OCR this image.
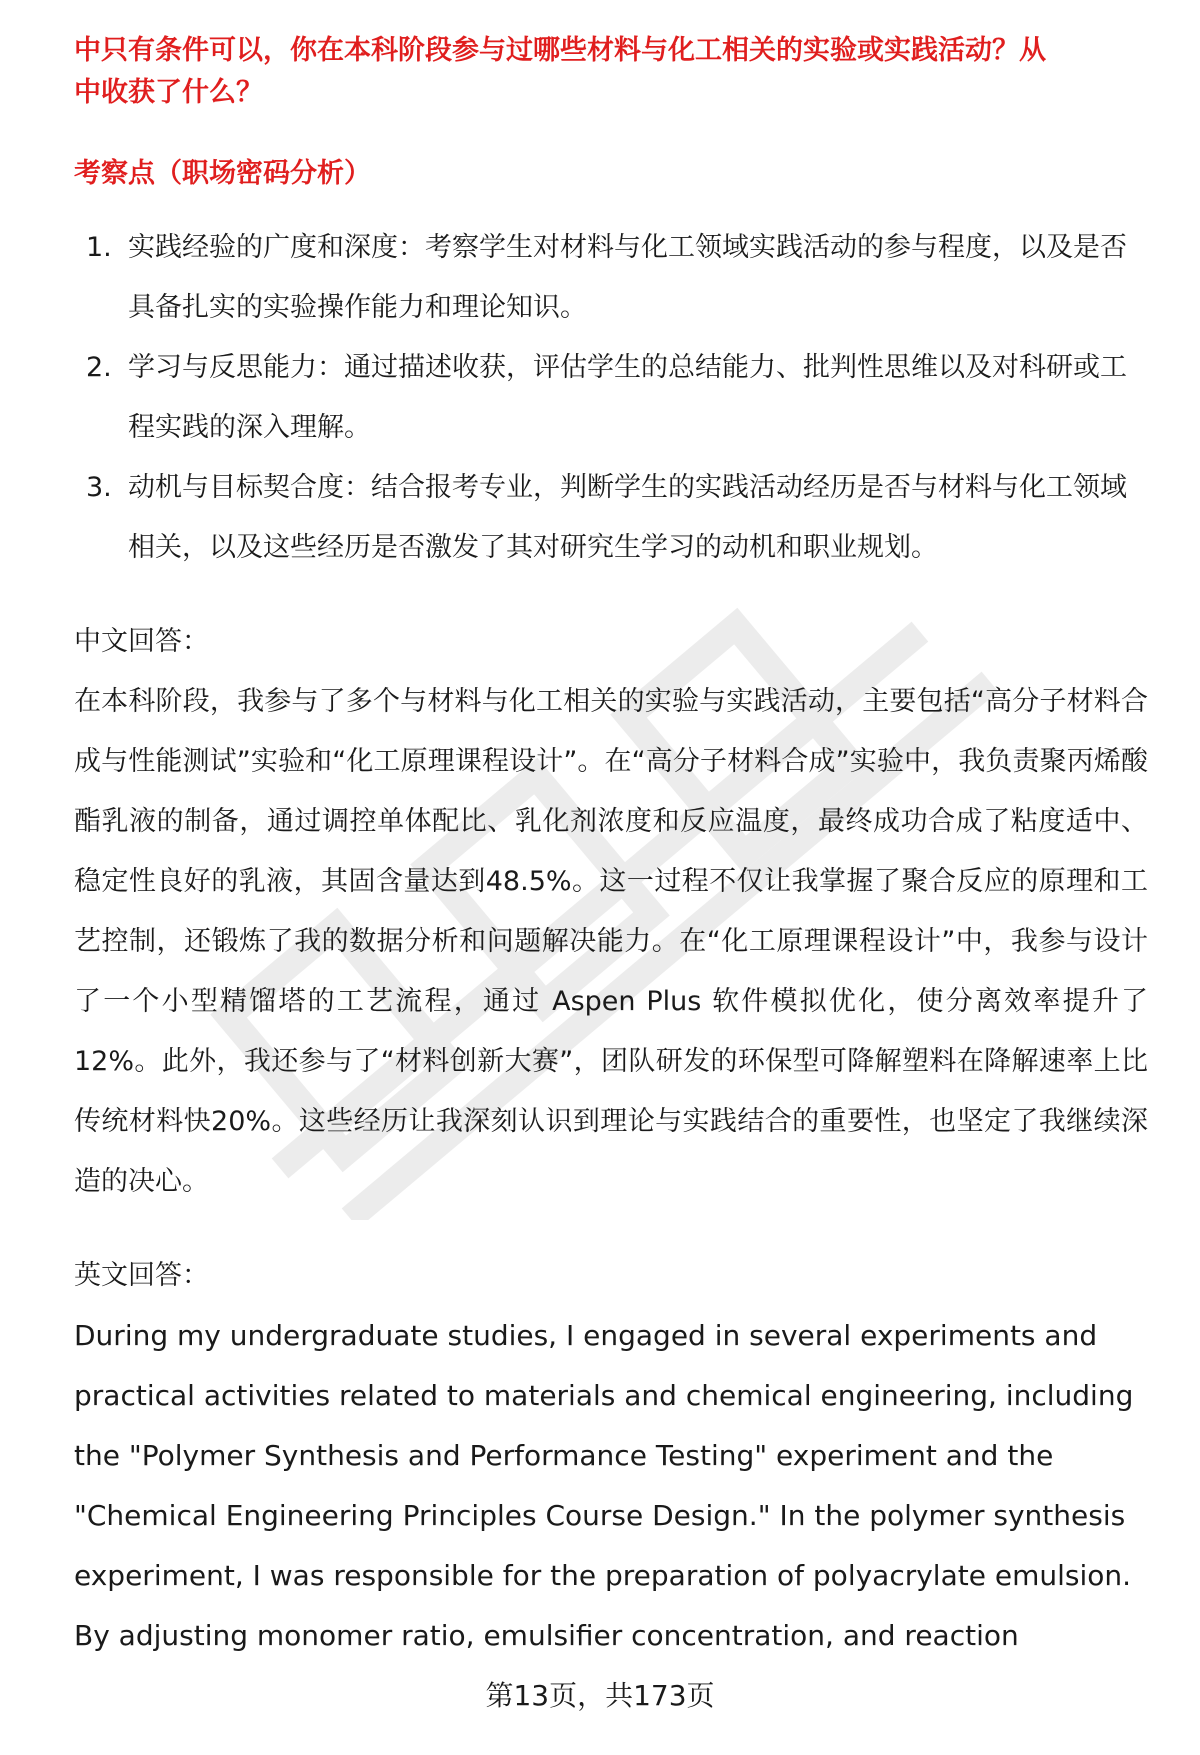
中只有条件可以，你在本科阶段参与过哪些材料与化工相关的实验或实践活动？从
中收获了什么？
考察点（职场密码分析）
1. 实践经验的广度和深度：考察学生对材料与化工领域实践活动的参与程度，以及是否具备扎实的实验操作能力和理论知识。
2. 学习与反思能力：通过描述收获，评估学生的总结能力、批判性思维以及对科研或工程实践的深入理解。
3. 动机与目标契合度：结合报考专业，判断学生的实践活动经历是否与材料与化工领域相关，以及这些经历是否激发了其对研究生学习的动机和职业规划。
中文回答：

在本科阶段，我参与了多个与材料与化工相关的实验与实践活动，主要包括“高分子材料合成与性能测试”实验和“化工原理课程设计”。在“高分子材料合成”实验中，我负责聚丙烯酸酯乳液的制备，通过调控单体配比、乳化剂浓度和反应温度，最终成功合成了粘度适中、稳定性良好的乳液，其固含量达到48.5%。这一过程不仅让我掌握了聚合反应的原理和工艺控制，还锻炼了我的数据分析和问题解决能力。在“化工原理课程设计”中，我参与设计了一个小型精馏塔的工艺流程，通过 Aspen Plus 软件模拟优化，使分离效率提升了12%。此外，我还参与了“材料创新大赛”，团队研发的环保型可降解塑料在降解速率上比传统材料快20%。这些经历让我深刻认识到理论与实践结合的重要性，也坚定了我继续深造的决心。

英文回答：

During my undergraduate studies, I engaged in several experiments and practical activities related to materials and chemical engineering, including the "Polymer Synthesis and Performance Testing" experiment and the "Chemical Engineering Principles Course Design." In the polymer synthesis experiment, I was responsible for the preparation of polyacrylate emulsion. By adjusting monomer ratio, emulsifier concentration, and reaction

第13页，共173页
